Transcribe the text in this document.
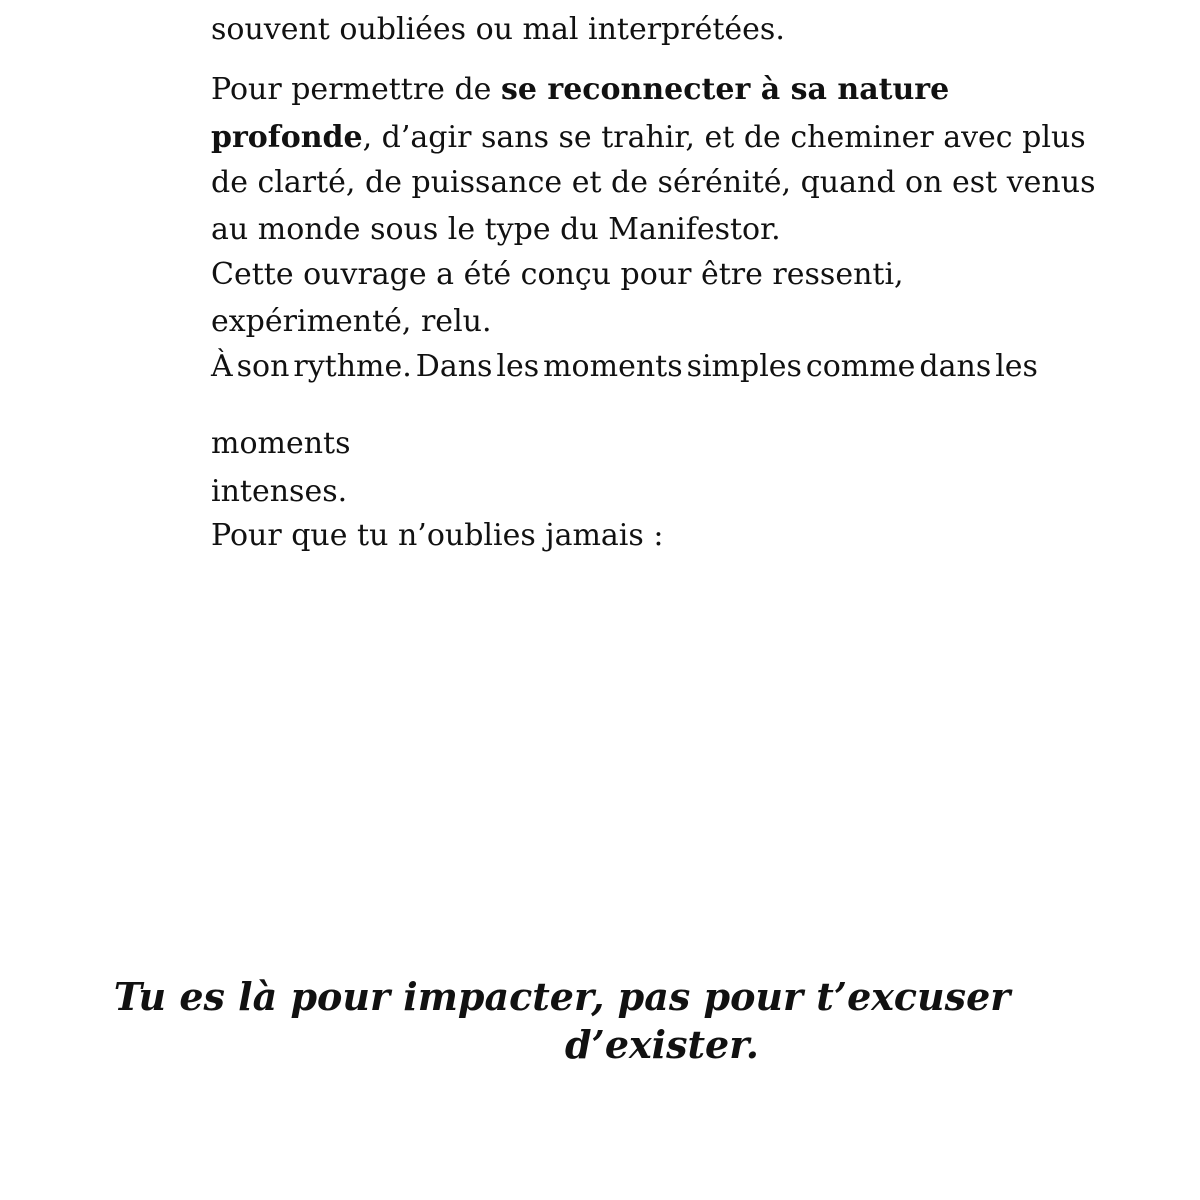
souvent oubliées ou mal interprétées.

Pour permettre de se reconnecter à sa nature

profonde, d’agir sans se trahir, et de cheminer avec plus

de clarté, de puissance et de sérénité, quand on est venus

au monde sous le type du Manifestor.

Cette ouvrage a été conçu pour être ressenti,

expérimenté, relu.

À son rythme. Dans les moments simples comme dans les

moments

intenses.

Pour que tu n’oublies jamais :

Tu es là pour impacter, pas pour t’excuser

d’exister.
